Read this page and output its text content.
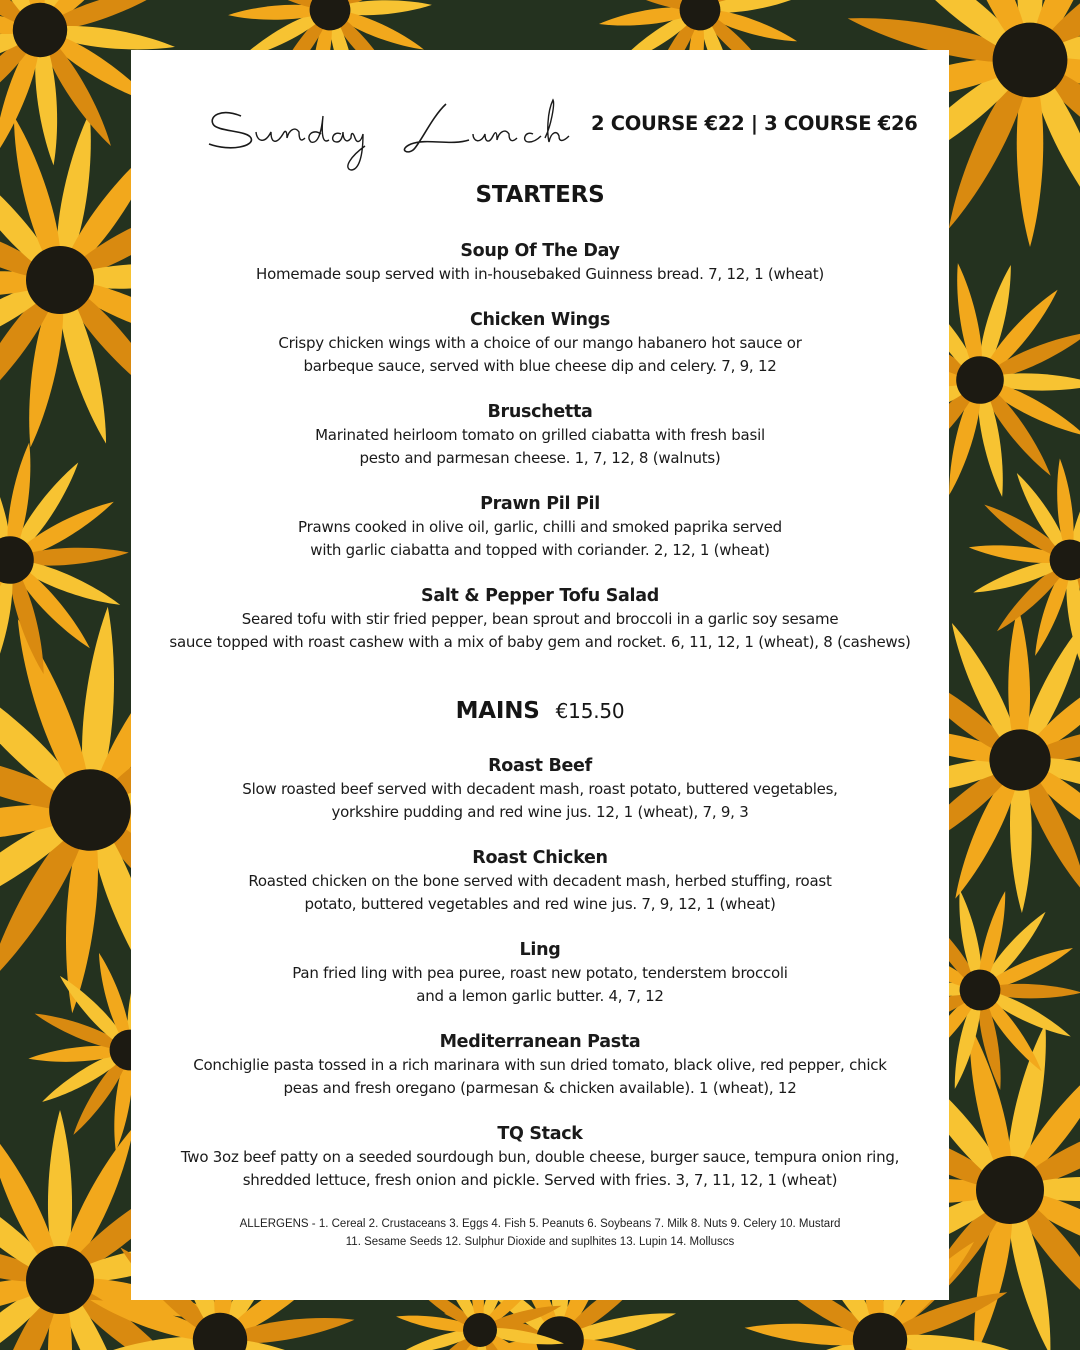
2 COURSE €22 | 3 COURSE €26
STARTERS
Soup Of The Day
Homemade soup served with in-housebaked Guinness bread. 7, 12, 1 (wheat)
Chicken Wings
Crispy chicken wings with a choice of our mango habanero hot sauce or
barbeque sauce, served with blue cheese dip and celery. 7, 9, 12
Bruschetta
Marinated heirloom tomato on grilled ciabatta with fresh basil
pesto and parmesan cheese. 1, 7, 12, 8 (walnuts)
Prawn Pil Pil
Prawns cooked in olive oil, garlic, chilli and smoked paprika served
with garlic ciabatta and topped with coriander. 2, 12, 1 (wheat)
Salt & Pepper Tofu Salad
Seared tofu with stir fried pepper, bean sprout and broccoli in a garlic soy sesame
sauce topped with roast cashew with a mix of baby gem and rocket. 6, 11, 12, 1 (wheat), 8 (cashews)
MAINS €15.50
Roast Beef
Slow roasted beef served with decadent mash, roast potato, buttered vegetables,
yorkshire pudding and red wine jus. 12, 1 (wheat), 7, 9, 3
Roast Chicken
Roasted chicken on the bone served with decadent mash, herbed stuffing, roast
potato, buttered vegetables and red wine jus. 7, 9, 12, 1 (wheat)
Ling
Pan fried ling with pea puree, roast new potato, tenderstem broccoli
and a lemon garlic butter. 4, 7, 12
Mediterranean Pasta
Conchiglie pasta tossed in a rich marinara with sun dried tomato, black olive, red pepper, chick
peas and fresh oregano (parmesan & chicken available). 1 (wheat), 12
TQ Stack
Two 3oz beef patty on a seeded sourdough bun, double cheese, burger sauce, tempura onion ring,
shredded lettuce, fresh onion and pickle. Served with fries. 3, 7, 11, 12, 1 (wheat)
ALLERGENS - 1. Cereal 2. Crustaceans 3. Eggs 4. Fish 5. Peanuts 6. Soybeans 7. Milk 8. Nuts 9. Celery 10. Mustard
11. Sesame Seeds 12. Sulphur Dioxide and suplhites 13. Lupin 14. Molluscs
